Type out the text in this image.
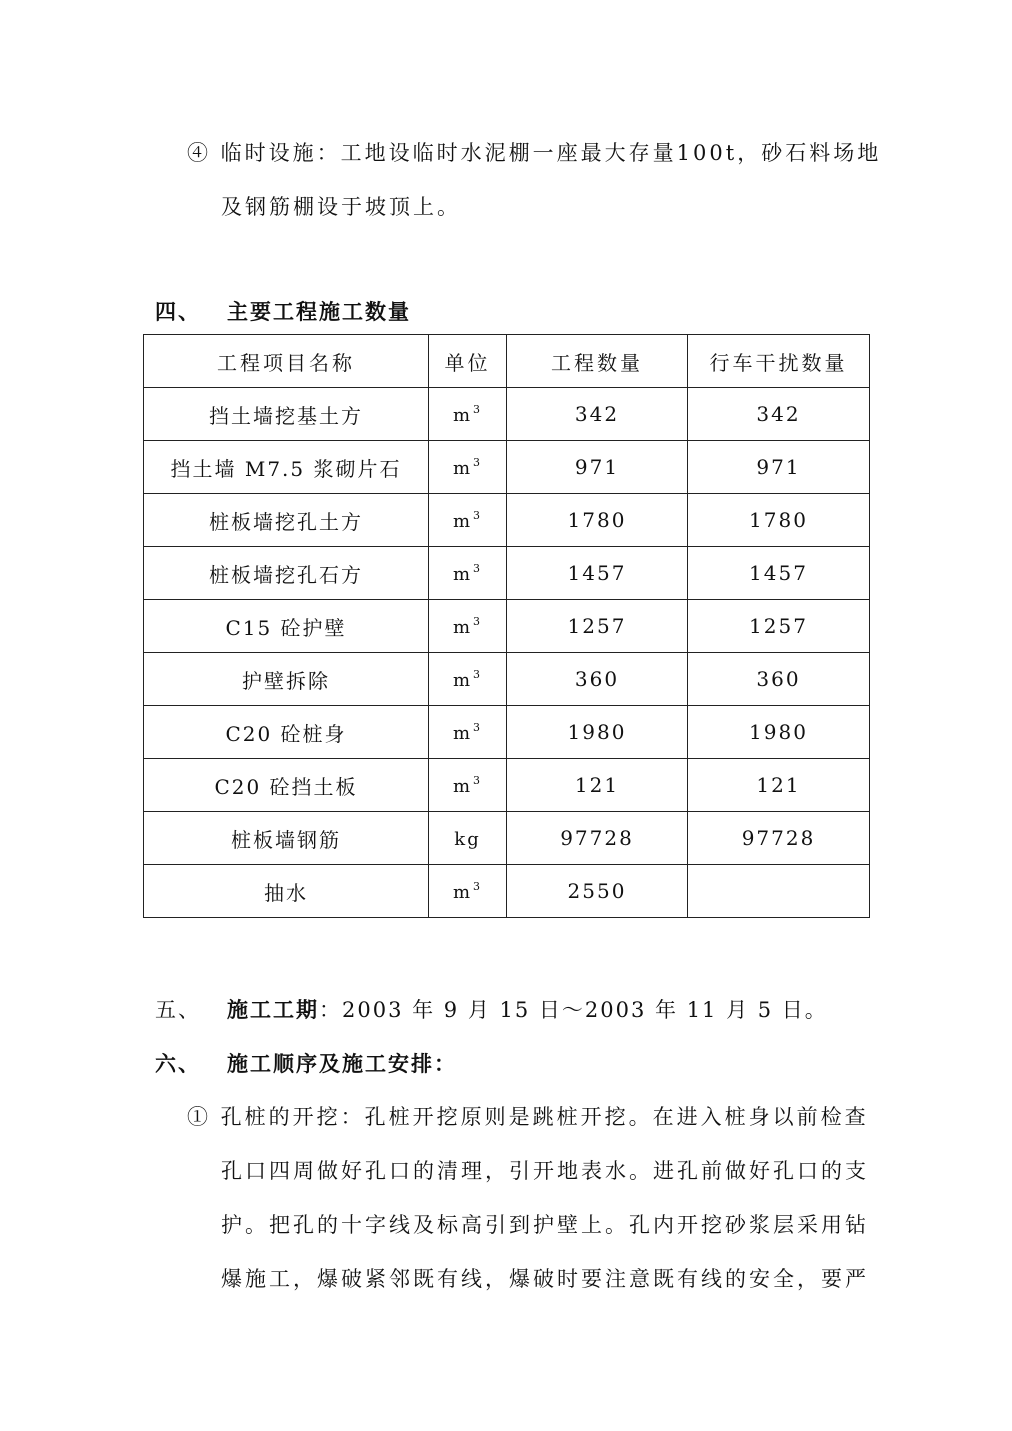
④ 临时设施：工地设临时水泥棚一座最大存量100t，砂石料场地
及钢筋棚设于坡顶上。
四、 主要工程施工数量
工程项目名称	单位	工程数量	行车干扰数量
挡土墙挖基土方	$m^3$	342	342
挡土墙 M7.5 浆砌片石	$m^3$	971	971
桩板墙挖孔土方	$m^3$	1780	1780
桩板墙挖孔石方	$m^3$	1457	1457
C15 砼护壁	$m^3$	1257	1257
护壁拆除	$m^3$	360	360
C20 砼桩身	$m^3$	1980	1980
C20 砼挡土板	$m^3$	121	121
桩板墙钢筋	kg	97728	97728
抽水	$m^3$	2550	
五、 施工工期：2003 年 9 月 15 日～2003 年 11 月 5 日。
六、 施工顺序及施工安排：
① 孔桩的开挖：孔桩开挖原则是跳桩开挖。在进入桩身以前检查
孔口四周做好孔口的清理，引开地表水。进孔前做好孔口的支
护。把孔的十字线及标高引到护壁上。孔内开挖砂浆层采用钻
爆施工，爆破紧邻既有线，爆破时要注意既有线的安全，要严
